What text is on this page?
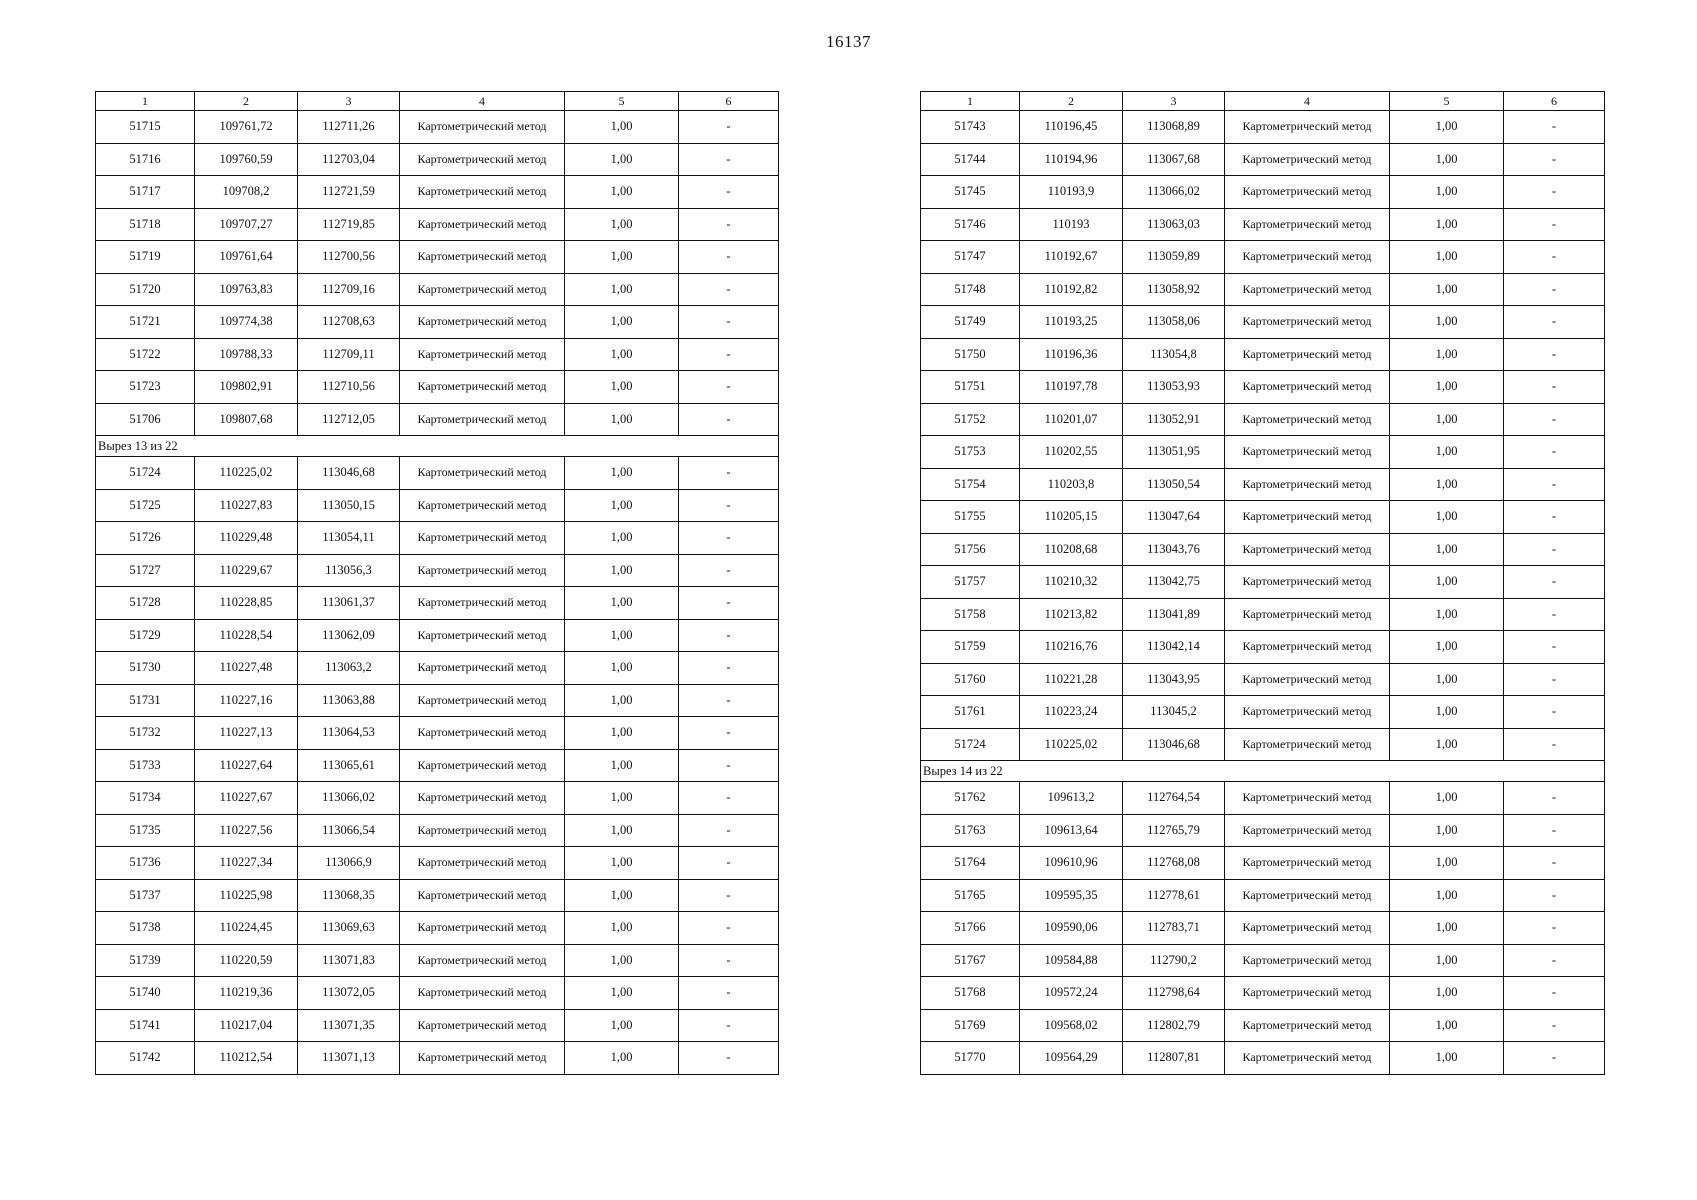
16137
1	2	3	4	5	6
51715	109761,72	112711,26	Картометрический метод	1,00	-
51716	109760,59	112703,04	Картометрический метод	1,00	-
51717	109708,2	112721,59	Картометрический метод	1,00	-
51718	109707,27	112719,85	Картометрический метод	1,00	-
51719	109761,64	112700,56	Картометрический метод	1,00	-
51720	109763,83	112709,16	Картометрический метод	1,00	-
51721	109774,38	112708,63	Картометрический метод	1,00	-
51722	109788,33	112709,11	Картометрический метод	1,00	-
51723	109802,91	112710,56	Картометрический метод	1,00	-
51706	109807,68	112712,05	Картометрический метод	1,00	-
Вырез 13 из 22					
51724	110225,02	113046,68	Картометрический метод	1,00	-
51725	110227,83	113050,15	Картометрический метод	1,00	-
51726	110229,48	113054,11	Картометрический метод	1,00	-
51727	110229,67	113056,3	Картометрический метод	1,00	-
51728	110228,85	113061,37	Картометрический метод	1,00	-
51729	110228,54	113062,09	Картометрический метод	1,00	-
51730	110227,48	113063,2	Картометрический метод	1,00	-
51731	110227,16	113063,88	Картометрический метод	1,00	-
51732	110227,13	113064,53	Картометрический метод	1,00	-
51733	110227,64	113065,61	Картометрический метод	1,00	-
51734	110227,67	113066,02	Картометрический метод	1,00	-
51735	110227,56	113066,54	Картометрический метод	1,00	-
51736	110227,34	113066,9	Картометрический метод	1,00	-
51737	110225,98	113068,35	Картометрический метод	1,00	-
51738	110224,45	113069,63	Картометрический метод	1,00	-
51739	110220,59	113071,83	Картометрический метод	1,00	-
51740	110219,36	113072,05	Картометрический метод	1,00	-
51741	110217,04	113071,35	Картометрический метод	1,00	-
51742	110212,54	113071,13	Картометрический метод	1,00	-
1	2	3	4	5	6
51743	110196,45	113068,89	Картометрический метод	1,00	-
51744	110194,96	113067,68	Картометрический метод	1,00	-
51745	110193,9	113066,02	Картометрический метод	1,00	-
51746	110193	113063,03	Картометрический метод	1,00	-
51747	110192,67	113059,89	Картометрический метод	1,00	-
51748	110192,82	113058,92	Картометрический метод	1,00	-
51749	110193,25	113058,06	Картометрический метод	1,00	-
51750	110196,36	113054,8	Картометрический метод	1,00	-
51751	110197,78	113053,93	Картометрический метод	1,00	-
51752	110201,07	113052,91	Картометрический метод	1,00	-
51753	110202,55	113051,95	Картометрический метод	1,00	-
51754	110203,8	113050,54	Картометрический метод	1,00	-
51755	110205,15	113047,64	Картометрический метод	1,00	-
51756	110208,68	113043,76	Картометрический метод	1,00	-
51757	110210,32	113042,75	Картометрический метод	1,00	-
51758	110213,82	113041,89	Картометрический метод	1,00	-
51759	110216,76	113042,14	Картометрический метод	1,00	-
51760	110221,28	113043,95	Картометрический метод	1,00	-
51761	110223,24	113045,2	Картометрический метод	1,00	-
51724	110225,02	113046,68	Картометрический метод	1,00	-
Вырез 14 из 22					
51762	109613,2	112764,54	Картометрический метод	1,00	-
51763	109613,64	112765,79	Картометрический метод	1,00	-
51764	109610,96	112768,08	Картометрический метод	1,00	-
51765	109595,35	112778,61	Картометрический метод	1,00	-
51766	109590,06	112783,71	Картометрический метод	1,00	-
51767	109584,88	112790,2	Картометрический метод	1,00	-
51768	109572,24	112798,64	Картометрический метод	1,00	-
51769	109568,02	112802,79	Картометрический метод	1,00	-
51770	109564,29	112807,81	Картометрический метод	1,00	-
